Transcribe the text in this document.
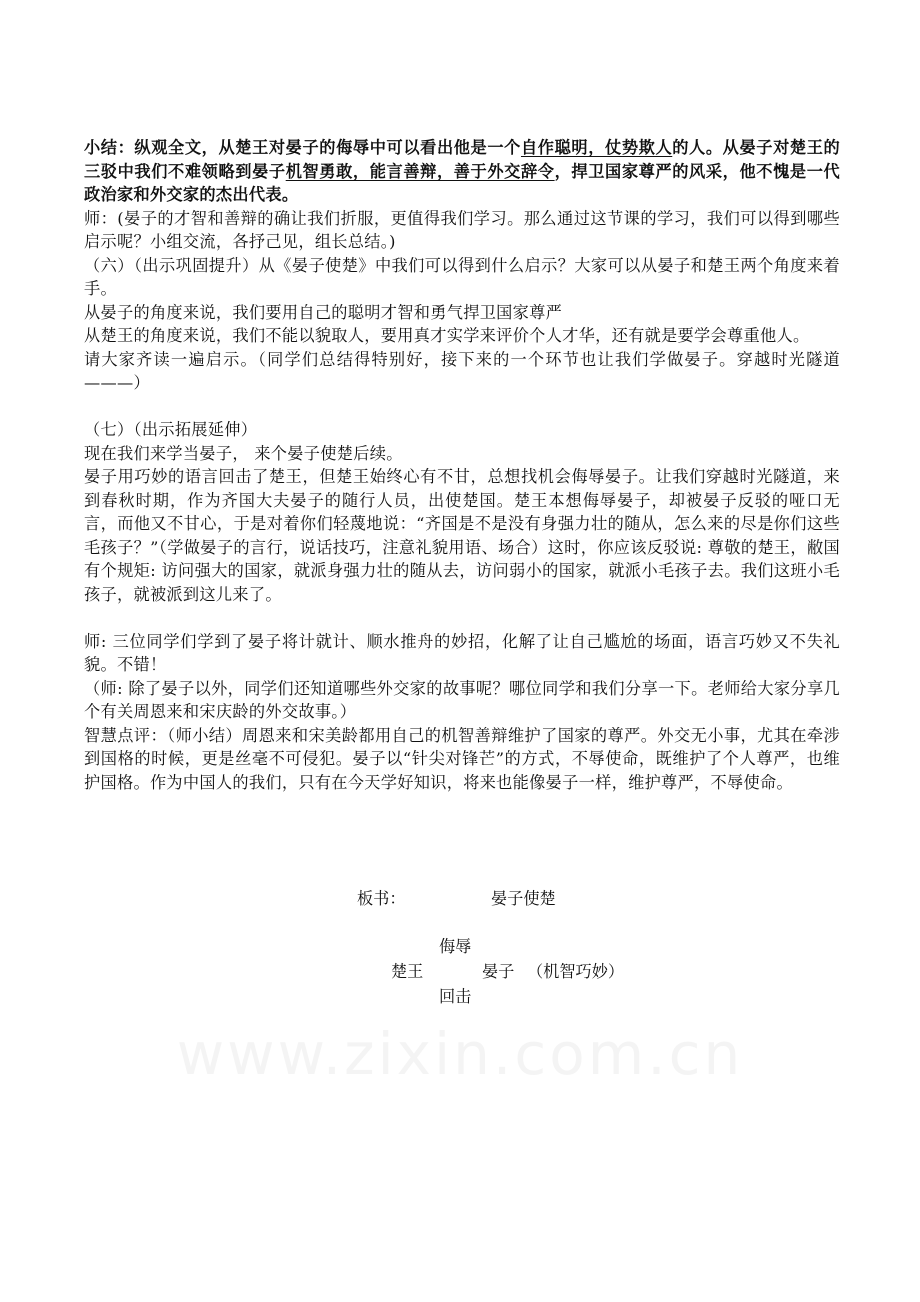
小结：纵观全文，从楚王对晏子的侮辱中可以看出他是一个自作聪明，仗势欺人的人。从晏子对楚王的三驳中我们不难领略到晏子机智勇敢，能言善辩，善于外交辞令，捍卫国家尊严的风采，他不愧是一代政治家和外交家的杰出代表。

师：(晏子的才智和善辩的确让我们折服，更值得我们学习。那么通过这节课的学习，我们可以得到哪些启示呢？小组交流，各抒己见，组长总结。)

（六）（出示巩固提升）从《晏子使楚》中我们可以得到什么启示？大家可以从晏子和楚王两个角度来着手。

从晏子的角度来说，我们要用自己的聪明才智和勇气捍卫国家尊严

从楚王的角度来说，我们不能以貌取人，要用真才实学来评价个人才华，还有就是要学会尊重他人。

请大家齐读一遍启示。（同学们总结得特别好，接下来的一个环节也让我们学做晏子。穿越时光隧道———）

（七）（出示拓展延伸）

现在我们来学当晏子， 来个晏子使楚后续。

晏子用巧妙的语言回击了楚王，但楚王始终心有不甘，总想找机会侮辱晏子。让我们穿越时光隧道，来到春秋时期，作为齐国大夫晏子的随行人员，出使楚国。楚王本想侮辱晏子，却被晏子反驳的哑口无言，而他又不甘心，于是对着你们轻蔑地说：“齐国是不是没有身强力壮的随从，怎么来的尽是你们这些毛孩子？”（学做晏子的言行，说话技巧，注意礼貌用语、场合）这时，你应该反驳说: 尊敬的楚王，敝国有个规矩: 访问强大的国家，就派身强力壮的随从去，访问弱小的国家，就派小毛孩子去。我们这班小毛孩子，就被派到这儿来了。

师: 三位同学们学到了晏子将计就计、顺水推舟的妙招，化解了让自己尴尬的场面，语言巧妙又不失礼貌。不错！

（师: 除了晏子以外，同学们还知道哪些外交家的故事呢？哪位同学和我们分享一下。老师给大家分享几个有关周恩来和宋庆龄的外交故事。）

智慧点评：（师小结）周恩来和宋美龄都用自己的机智善辩维护了国家的尊严。外交无小事，尤其在牵涉到国格的时候，更是丝毫不可侵犯。晏子以“针尖对锋芒”的方式，不辱使命，既维护了个人尊严，也维护国格。作为中国人的我们，只有在今天学好知识，将来也能像晏子一样，维护尊严，不辱使命。

板书：	晏子使楚
侮辱
楚王	晏子 （机智巧妙）
回击
www.zixin.com.cn
